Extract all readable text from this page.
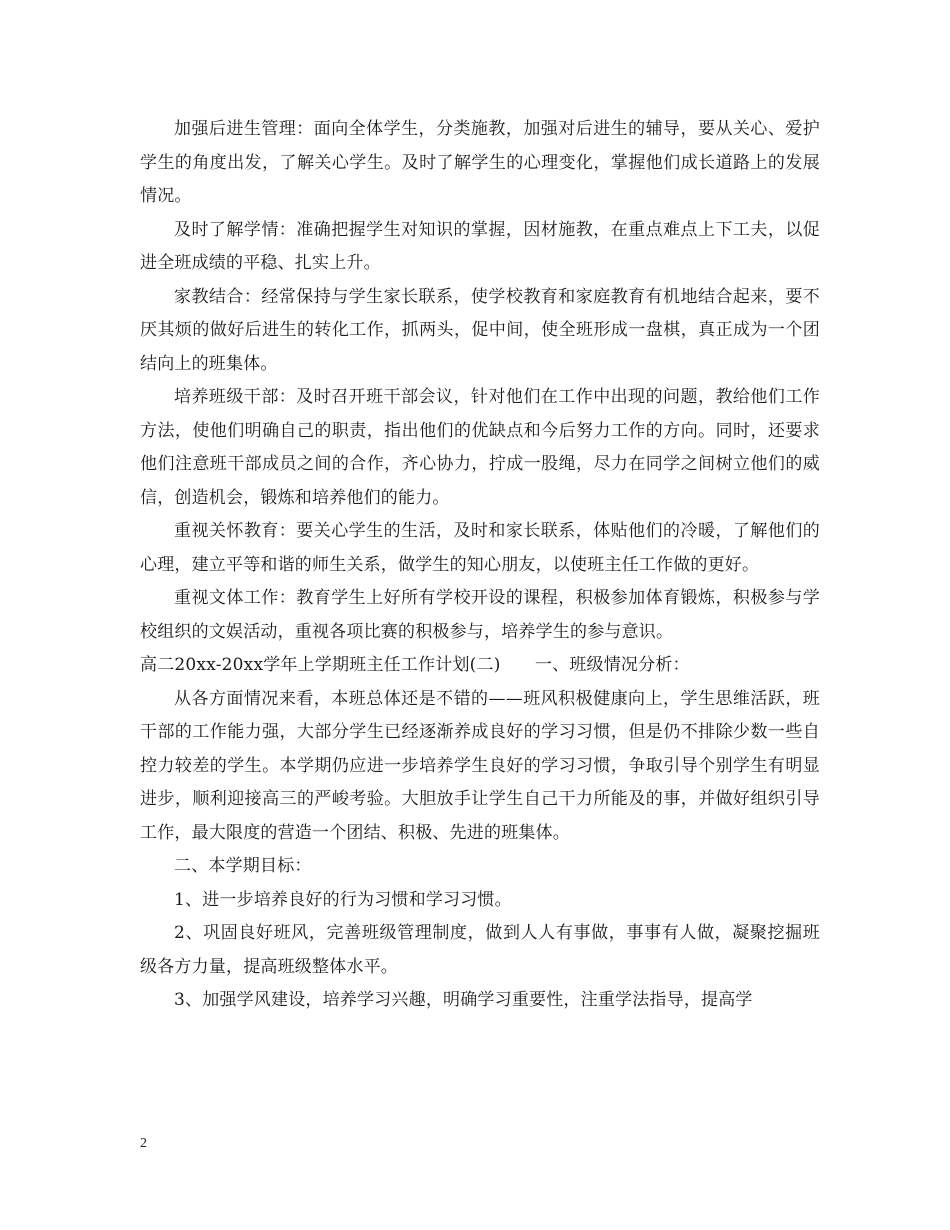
加强后进生管理：面向全体学生，分类施教，加强对后进生的辅导，要从关心、爱护学生的角度出发，了解关心学生。及时了解学生的心理变化，掌握他们成长道路上的发展情况。

及时了解学情：准确把握学生对知识的掌握，因材施教，在重点难点上下工夫，以促进全班成绩的平稳、扎实上升。

家教结合：经常保持与学生家长联系，使学校教育和家庭教育有机地结合起来，要不厌其烦的做好后进生的转化工作，抓两头，促中间，使全班形成一盘棋，真正成为一个团结向上的班集体。

培养班级干部：及时召开班干部会议，针对他们在工作中出现的问题，教给他们工作方法，使他们明确自己的职责，指出他们的优缺点和今后努力工作的方向。同时，还要求他们注意班干部成员之间的合作，齐心协力，拧成一股绳，尽力在同学之间树立他们的威信，创造机会，锻炼和培养他们的能力。

重视关怀教育：要关心学生的生活，及时和家长联系，体贴他们的冷暖，了解他们的心理，建立平等和谐的师生关系，做学生的知心朋友，以使班主任工作做的更好。

重视文体工作：教育学生上好所有学校开设的课程，积极参加体育锻炼，积极参与学校组织的文娱活动，重视各项比赛的积极参与，培养学生的参与意识。

高二20xx-20xx学年上学期班主任工作计划(二)　　一、班级情况分析：

从各方面情况来看，本班总体还是不错的——班风积极健康向上，学生思维活跃，班干部的工作能力强，大部分学生已经逐渐养成良好的学习习惯，但是仍不排除少数一些自控力较差的学生。本学期仍应进一步培养学生良好的学习习惯，争取引导个别学生有明显进步，顺利迎接高三的严峻考验。大胆放手让学生自己干力所能及的事，并做好组织引导工作，最大限度的营造一个团结、积极、先进的班集体。

二、本学期目标：

1、进一步培养良好的行为习惯和学习习惯。

2、巩固良好班风，完善班级管理制度，做到人人有事做，事事有人做，凝聚挖掘班级各方力量，提高班级整体水平。

3、加强学风建设，培养学习兴趣，明确学习重要性，注重学法指导，提高学

2
